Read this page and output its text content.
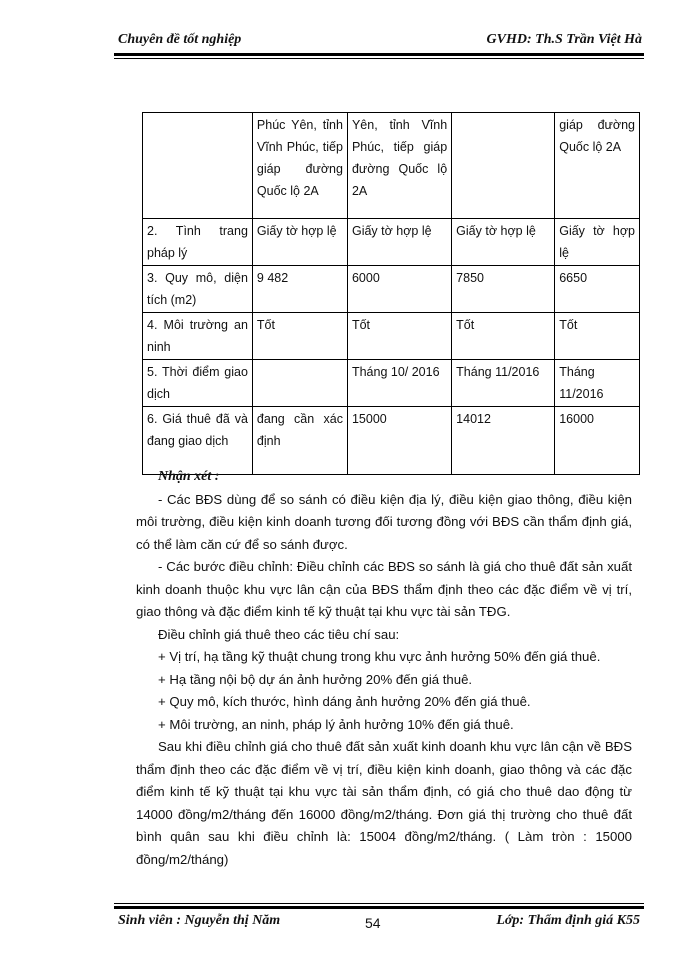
Chuyên đề tốt nghiệp	GVHD: Th.S Trần Việt Hà
	Phúc Yên, tỉnh Vĩnh Phúc, tiếp giáp đường Quốc lộ 2A	Yên, tỉnh Vĩnh Phúc, tiếp giáp đường Quốc lộ 2A		giáp đường Quốc lộ 2A
2. Tình trang pháp lý	Giấy tờ hợp lệ	Giấy tờ hợp lệ	Giấy tờ hợp lệ	Giấy tờ hợp lệ
3. Quy mô, diện tích (m2)	9 482	6000	7850	6650
4. Môi trường an ninh	Tốt	Tốt	Tốt	Tốt
5. Thời điểm giao dịch		Tháng 10/ 2016	Tháng 11/2016	Tháng 11/2016
6. Giá thuê đã và đang giao dịch	đang cần xác định	15000	14012	16000

Nhận xét :

- Các BĐS dùng để so sánh có điều kiện địa lý, điều kiện giao thông, điều kiện môi trường, điều kiện kinh doanh tương đối tương đồng với BĐS cần thẩm định giá, có thể làm căn cứ để so sánh được.

- Các bước điều chỉnh: Điều chỉnh các BĐS so sánh là giá cho thuê đất sản xuất kinh doanh thuộc khu vực lân cận của BĐS thẩm định theo các đặc điểm về vị trí, giao thông và đặc điểm kinh tế kỹ thuật tại khu vực tài sản TĐG.

Điều chỉnh giá thuê theo các tiêu chí sau:

+ Vị trí, hạ tầng kỹ thuật chung trong khu vực ảnh hưởng 50% đến giá thuê.

+ Hạ tầng nội bộ dự án ảnh hưởng 20% đến giá thuê.

+ Quy mô, kích thước, hình dáng ảnh hưởng 20% đến giá thuê.

+ Môi trường, an ninh, pháp lý ảnh hưởng 10% đến giá thuê.

Sau khi điều chỉnh giá cho thuê đất sản xuất kinh doanh khu vực lân cận về BĐS thẩm định theo các đặc điểm về vị trí, điều kiện kinh doanh, giao thông và các đặc điểm kinh tế kỹ thuật tại khu vực tài sản thẩm định, có giá cho thuê dao động từ 14000 đồng/m2/tháng đến 16000 đồng/m2/tháng. Đơn giá thị trường cho thuê đất bình quân sau khi điều chỉnh là: 15004 đồng/m2/tháng. ( Làm tròn : 15000 đồng/m2/tháng)

Sinh viên : Nguyễn thị Năm	54	Lớp: Thẩm định giá K55
